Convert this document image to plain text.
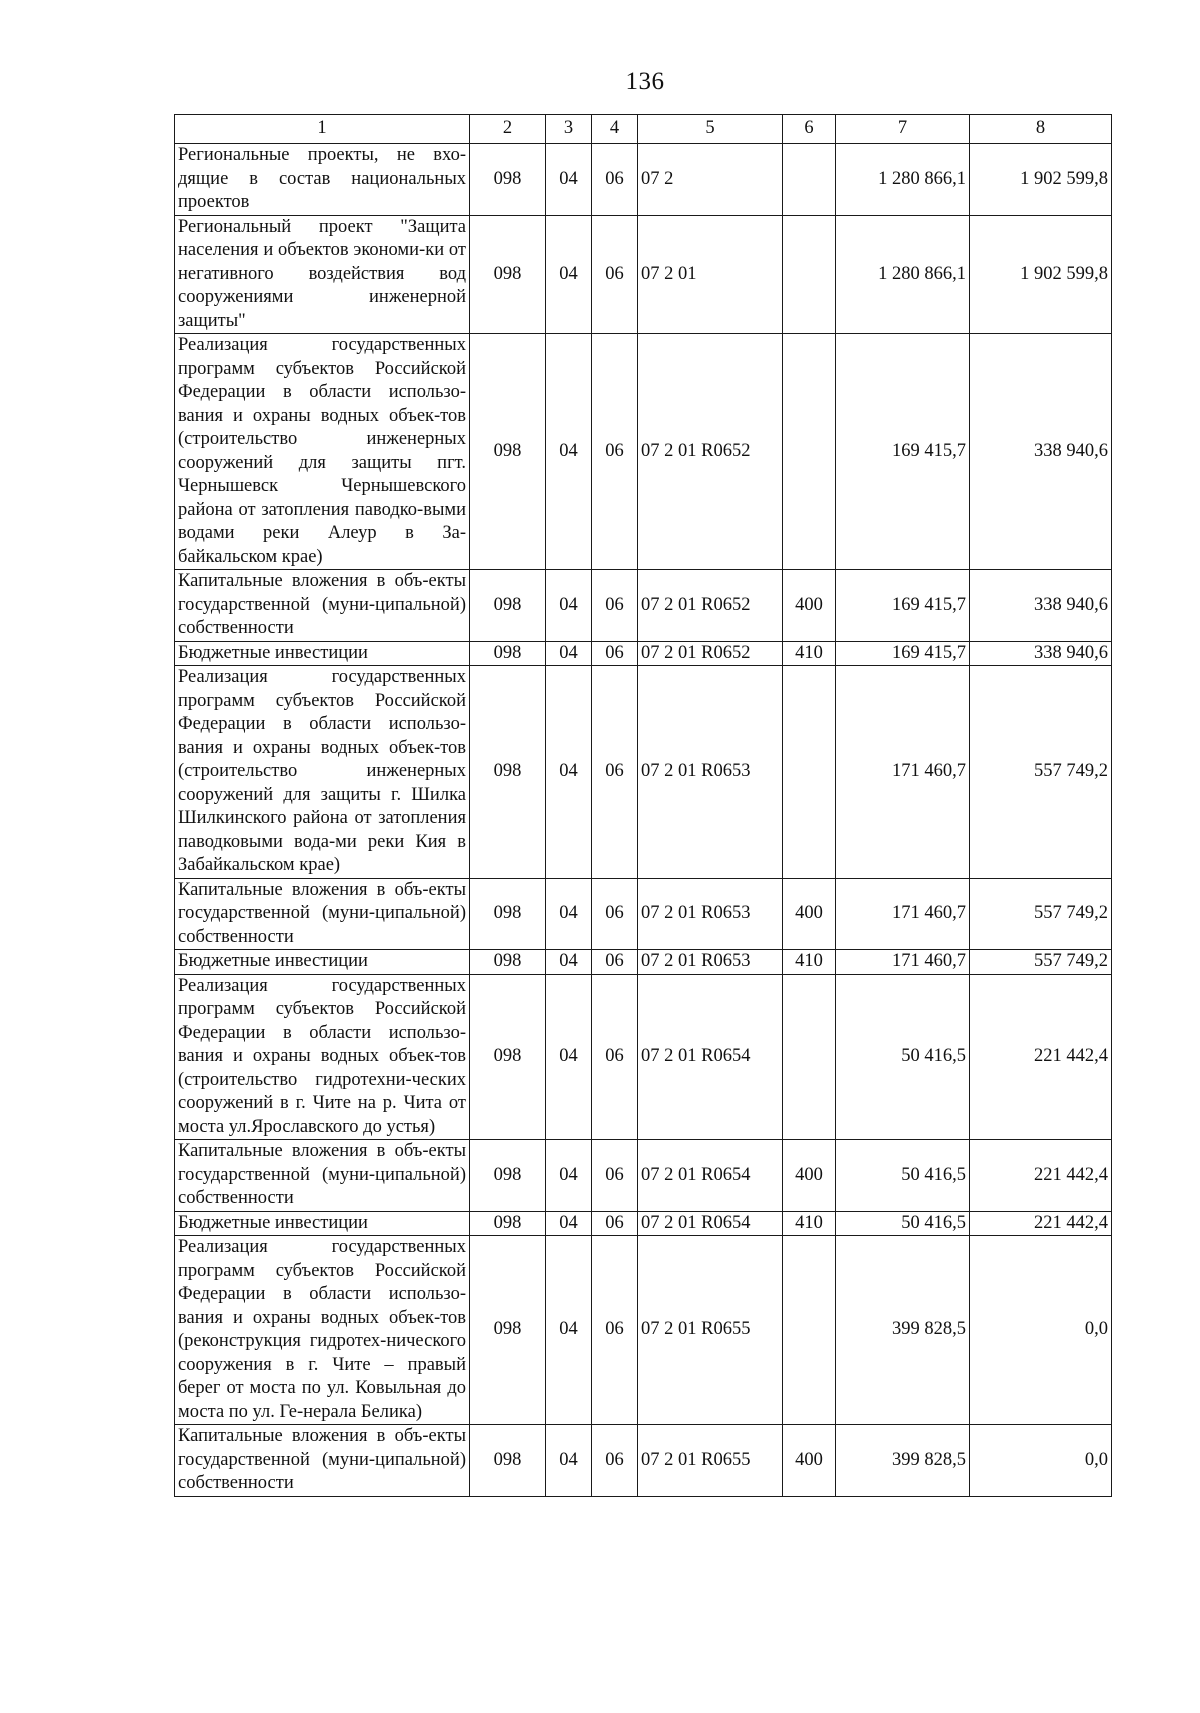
136
1	2	3	4	5	6	7	8
Региональные проекты, не вхо-дящие в состав национальных проектов	098	04	06	07 2		1 280 866,1	1 902 599,8
Региональный проект "Защита населения и объектов экономи-ки от негативного воздействия вод сооружениями инженерной защиты"	098	04	06	07 2 01		1 280 866,1	1 902 599,8
Реализация государственных программ субъектов Российской Федерации в области использо-вания и охраны водных объек-тов (строительство инженерных сооружений для защиты пгт. Чернышевск Чернышевского района от затопления паводко-выми водами реки Алеур в За-байкальском крае)	098	04	06	07 2 01 R0652		169 415,7	338 940,6
Капитальные вложения в объ-екты государственной (муни-ципальной) собственности	098	04	06	07 2 01 R0652	400	169 415,7	338 940,6
Бюджетные инвестиции	098	04	06	07 2 01 R0652	410	169 415,7	338 940,6
Реализация государственных программ субъектов Российской Федерации в области использо-вания и охраны водных объек-тов (строительство инженерных сооружений для защиты г. Шилка Шилкинского района от затопления паводковыми вода-ми реки Кия в Забайкальском крае)	098	04	06	07 2 01 R0653		171 460,7	557 749,2
Капитальные вложения в объ-екты государственной (муни-ципальной) собственности	098	04	06	07 2 01 R0653	400	171 460,7	557 749,2
Бюджетные инвестиции	098	04	06	07 2 01 R0653	410	171 460,7	557 749,2
Реализация государственных программ субъектов Российской Федерации в области использо-вания и охраны водных объек-тов (строительство гидротехни-ческих сооружений в г. Чите на р. Чита от моста ул.Ярославского до устья)	098	04	06	07 2 01 R0654		50 416,5	221 442,4
Капитальные вложения в объ-екты государственной (муни-ципальной) собственности	098	04	06	07 2 01 R0654	400	50 416,5	221 442,4
Бюджетные инвестиции	098	04	06	07 2 01 R0654	410	50 416,5	221 442,4
Реализация государственных программ субъектов Российской Федерации в области использо-вания и охраны водных объек-тов (реконструкция гидротех-нического сооружения в г. Чите – правый берег от моста по ул. Ковыльная до моста по ул. Ге-нерала Белика)	098	04	06	07 2 01 R0655		399 828,5	0,0
Капитальные вложения в объ-екты государственной (муни-ципальной) собственности	098	04	06	07 2 01 R0655	400	399 828,5	0,0
